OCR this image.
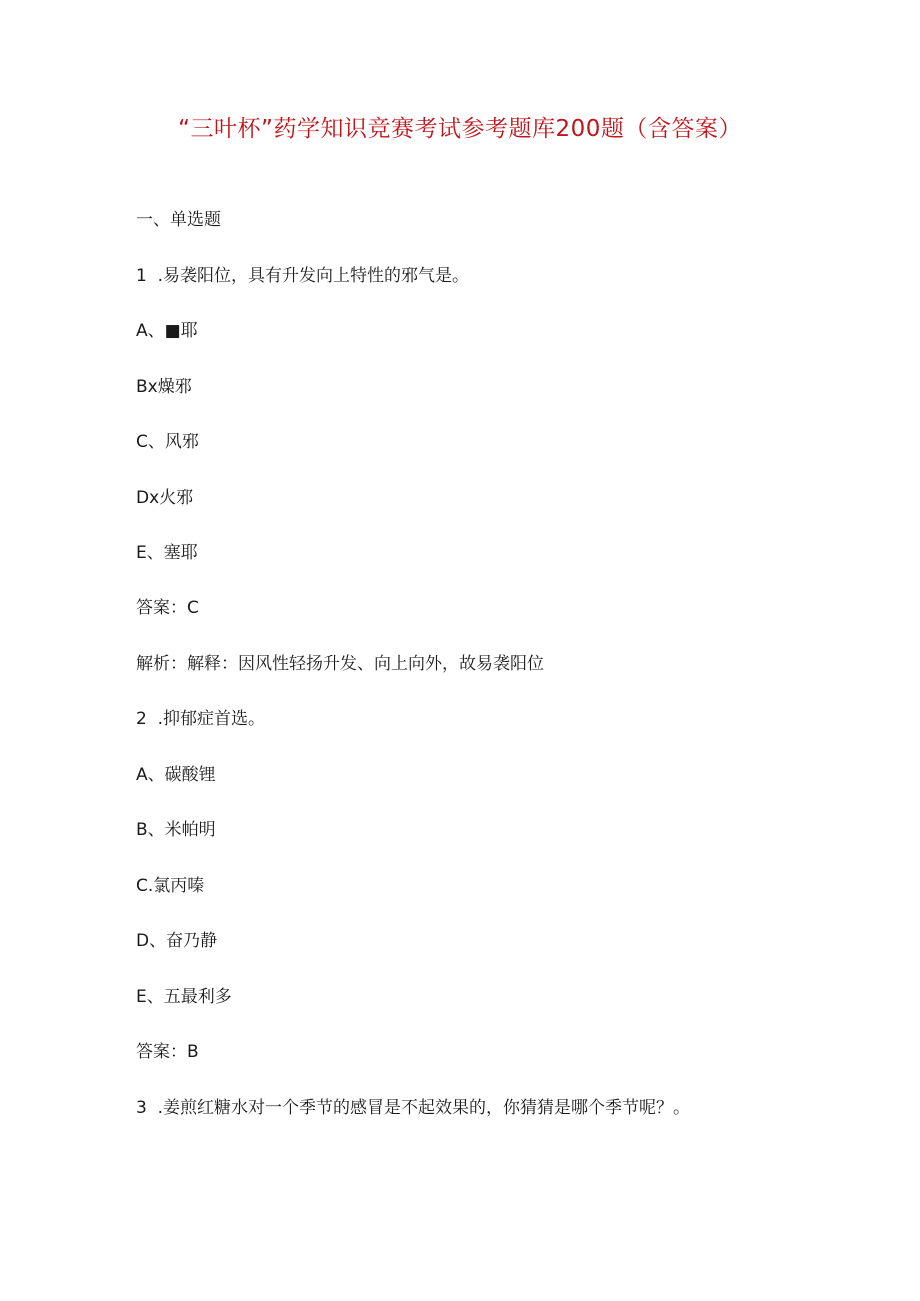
“三叶杯”药学知识竞赛考试参考题库200题（含答案）
一、单选题
1  .易袭阳位，具有升发向上特性的邪气是。
A、■耶
Bx燥邪
C、风邪
Dx火邪
E、塞耶
答案：C
解析：解释：因风性轻扬升发、向上向外，故易袭阳位
2  .抑郁症首选。
A、碳酸锂
B、米帕明
C.氯丙嗪
D、奋乃静
E、五最利多
答案：B
3  .姜煎红糖水对一个季节的感冒是不起效果的，你猜猜是哪个季节呢？。
